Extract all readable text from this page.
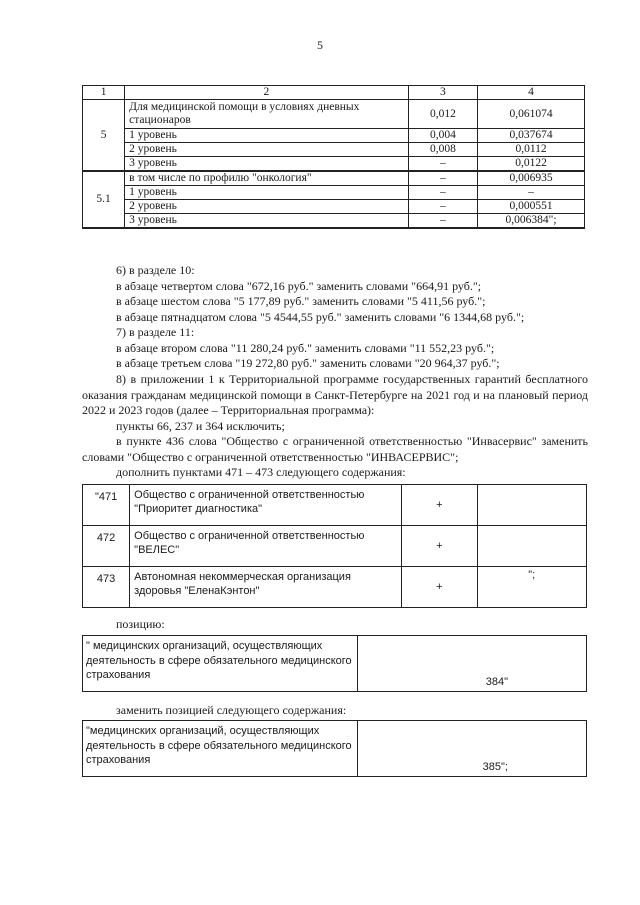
5
1	2	3	4
5	Для медицинской помощи в условиях дневных стационаров	0,012	0,061074
	1 уровень	0,004	0,037674
	2 уровень	0,008	0,0112
	3 уровень	–	0,0122
5.1	в том числе по профилю "онкология"	–	0,006935
	1 уровень	–	–
	2 уровень	–	0,000551
	3 уровень	–	0,006384";
6) в разделе 10:
в абзаце четвертом слова "672,16 руб." заменить словами "664,91 руб.";
в абзаце шестом слова "5 177,89 руб." заменить словами "5 411,56 руб.";
в абзаце пятнадцатом слова "5 4544,55 руб." заменить словами "6 1344,68 руб.";
7) в разделе 11:
в абзаце втором слова "11 280,24 руб." заменить словами "11 552,23 руб.";
в абзаце третьем слова "19 272,80 руб." заменить словами "20 964,37 руб.";
8) в приложении 1 к Территориальной программе государственных гарантий бесплатного оказания гражданам медицинской помощи в Санкт-Петербурге на 2021 год и на плановый период 2022 и 2023 годов (далее – Территориальная программа):
пункты 66, 237 и 364 исключить;
в пункте 436 слова "Общество с ограниченной ответственностью "Инвасервис" заменить словами "Общество с ограниченной ответственностью "ИНВАСЕРВИС";
дополнить пунктами 471 – 473 следующего содержания:
"471	Общество с ограниченной ответственностью "Приоритет диагностика"	+	
472	Общество с ограниченной ответственностью "ВЕЛЕС"	+	
473	Автономная некоммерческая организация здоровья "ЕленаКэнтон"	+	";
позицию:
" медицинских организаций, осуществляющих деятельность в сфере обязательного медицинского страхования	384"
заменить позицией следующего содержания:
"медицинских организаций, осуществляющих деятельность в сфере обязательного медицинского страхования	385";
